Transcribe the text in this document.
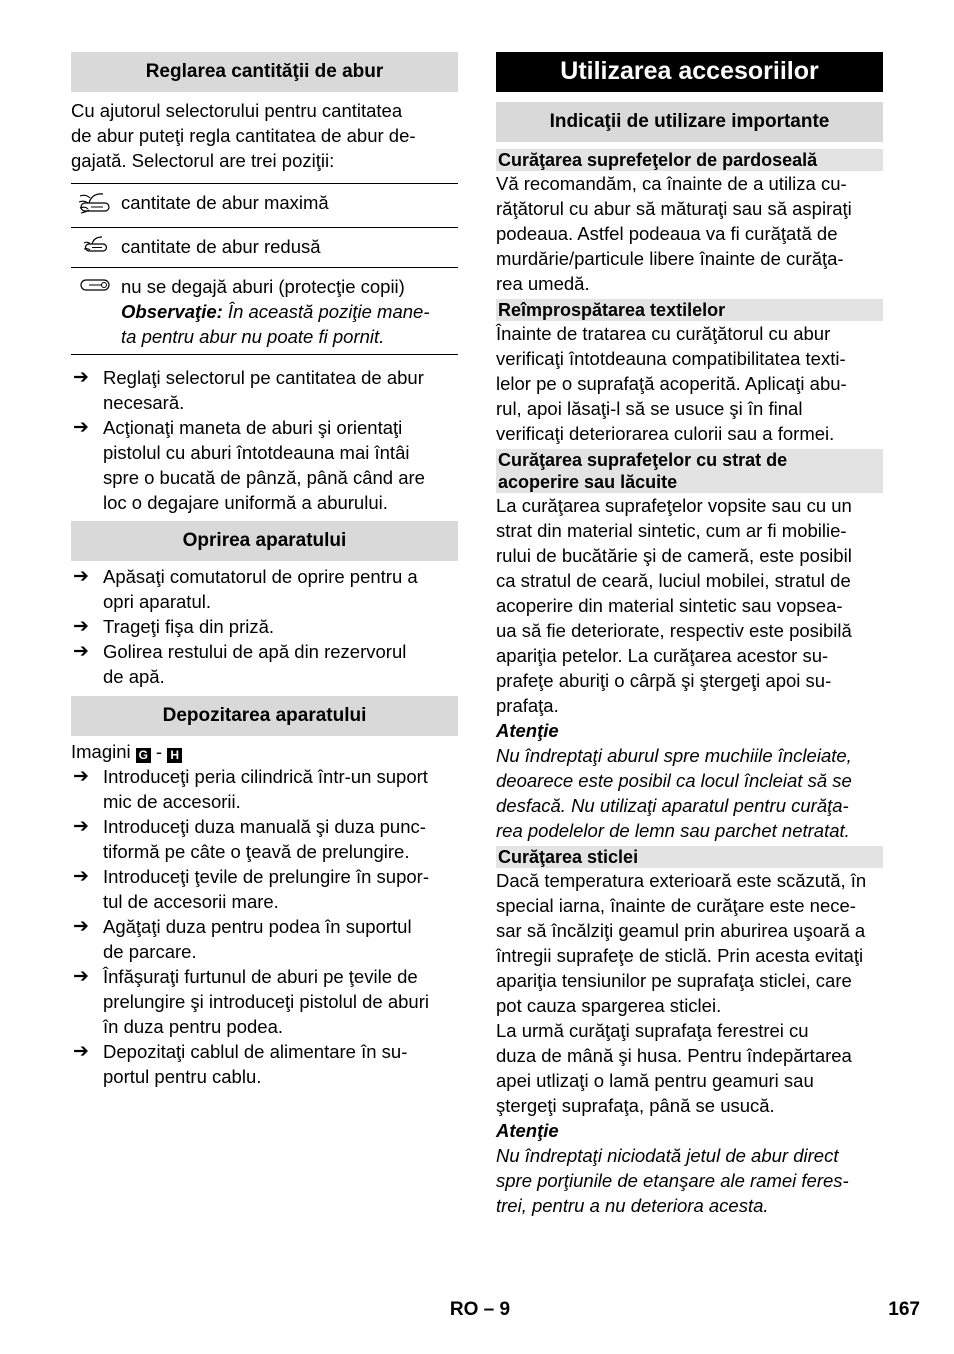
Reglarea cantităţii de abur
Cu ajutorul selectorului pentru cantitatea
de abur puteţi regla cantitatea de abur de-
gajată. Selectorul are trei poziţii:
	cantitate de abur maximă
	cantitate de abur redusă

nu se degajă aburi (protecţie copii)
Observaţie: În această poziţie mane-
ta pentru abur nu poate fi pornit.
➔ Reglaţi selectorul pe cantitatea de abur
necesară.
➔ Acţionaţi maneta de aburi şi orientaţi
pistolul cu aburi întotdeauna mai întâi
spre o bucată de pânză, până când are
loc o degajare uniformă a aburului.
Oprirea aparatului
➔ Apăsaţi comutatorul de oprire pentru a
opri aparatul.
➔ Trageţi fişa din priză.
➔ Golirea restului de apă din rezervorul
de apă.
Depozitarea aparatului
Imagini G - H
➔ Introduceţi peria cilindrică într-un suport
mic de accesorii.
➔ Introduceţi duza manuală şi duza punc-
tiformă pe câte o ţeavă de prelungire.
➔ Introduceţi ţevile de prelungire în supor-
tul de accesorii mare.
➔ Agăţaţi duza pentru podea în suportul
de parcare.
➔ Înfăşuraţi furtunul de aburi pe ţevile de
prelungire şi introduceţi pistolul de aburi
în duza pentru podea.
➔ Depozitaţi cablul de alimentare în su-
portul pentru cablu.
Utilizarea accesoriilor
Indicaţii de utilizare importante
Curăţarea suprefeţelor de pardoseală
Vă recomandăm, ca înainte de a utiliza cu-
răţătorul cu abur să măturaţi sau să aspiraţi
podeaua. Astfel podeaua va fi curăţată de
murdărie/particule libere înainte de curăţa-
rea umedă.
Reîmprospătarea textilelor
Înainte de tratarea cu curăţătorul cu abur
verificaţi întotdeauna compatibilitatea texti-
lelor pe o suprafaţă acoperită. Aplicaţi abu-
rul, apoi lăsaţi-l să se usuce şi în final
verificaţi deteriorarea culorii sau a formei.
Curăţarea suprafeţelor cu strat de
acoperire sau lăcuite
La curăţarea suprafeţelor vopsite sau cu un
strat din material sintetic, cum ar fi mobilie-
rului de bucătărie şi de cameră, este posibil
ca stratul de ceară, luciul mobilei, stratul de
acoperire din material sintetic sau vopsea-
ua să fie deteriorate, respectiv este posibilă
apariţia petelor. La curăţarea acestor su-
prafeţe aburiţi o cârpă şi ştergeţi apoi su-
prafaţa.
Atenţie
Nu îndreptaţi aburul spre muchiile încleiate,
deoarece este posibil ca locul încleiat să se
desfacă. Nu utilizaţi aparatul pentru curăţa-
rea podelelor de lemn sau parchet netratat.
Curăţarea sticlei
Dacă temperatura exterioară este scăzută, în
special iarna, înainte de curăţare este nece-
sar să încălziţi geamul prin aburirea uşoară a
întregii suprafeţe de sticlă. Prin acesta evitaţi
apariţia tensiunilor pe suprafaţa sticlei, care
pot cauza spargerea sticlei.
La urmă curăţaţi suprafaţa ferestrei cu
duza de mână şi husa. Pentru îndepărtarea
apei utlizaţi o lamă pentru geamuri sau
ştergeţi suprafaţa, până se usucă.
Atenţie
Nu îndreptaţi niciodată jetul de abur direct
spre porţiunile de etanşare ale ramei feres-
trei, pentru a nu deteriora acesta.
RO – 9	167
